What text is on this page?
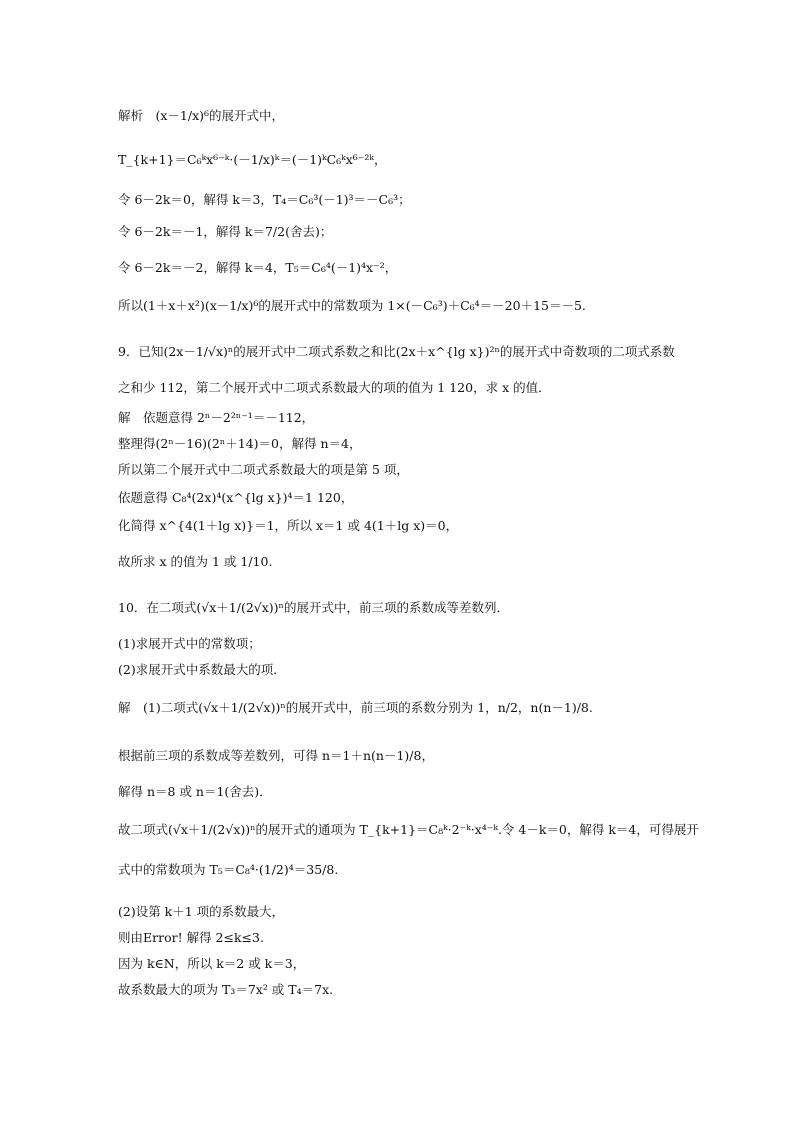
解析　(x－1/x)⁶的展开式中，
T_{k+1}＝C₆ᵏx⁶⁻ᵏ·(－1/x)ᵏ＝(－1)ᵏC₆ᵏx⁶⁻²ᵏ，
令 6－2k＝0，解得 k＝3，T₄＝C₆³(－1)³＝－C₆³；
令 6－2k＝－1，解得 k＝7/2(舍去)；
令 6－2k＝－2，解得 k＝4，T₅＝C₆⁴(－1)⁴x⁻²，
所以(1＋x＋x²)(x－1/x)⁶的展开式中的常数项为 1×(－C₆³)＋C₆⁴＝－20＋15＝－5.
9．已知(2x－1/√x)ⁿ的展开式中二项式系数之和比(2x＋x^{lg x})²ⁿ的展开式中奇数项的二项式系数
之和少 112，第二个展开式中二项式系数最大的项的值为 1 120，求 x 的值．
解　依题意得 2ⁿ－2²ⁿ⁻¹＝－112，
整理得(2ⁿ－16)(2ⁿ＋14)＝0，解得 n＝4，
所以第二个展开式中二项式系数最大的项是第 5 项，
依题意得 C₈⁴(2x)⁴(x^{lg x})⁴＝1 120，
化简得 x^{4(1＋lg x)}＝1，所以 x＝1 或 4(1＋lg x)＝0，
故所求 x 的值为 1 或 1/10.
10．在二项式(√x＋1/(2√x))ⁿ的展开式中，前三项的系数成等差数列．
(1)求展开式中的常数项；
(2)求展开式中系数最大的项．
解　(1)二项式(√x＋1/(2√x))ⁿ的展开式中，前三项的系数分别为 1，n/2，n(n－1)/8.
根据前三项的系数成等差数列，可得 n＝1＋n(n－1)/8，
解得 n＝8 或 n＝1(舍去)．
故二项式(√x＋1/(2√x))ⁿ的展开式的通项为 T_{k+1}＝C₈ᵏ·2⁻ᵏ·x⁴⁻ᵏ.令 4－k＝0，解得 k＝4，可得展开
式中的常数项为 T₅＝C₈⁴·(1/2)⁴＝35/8.
(2)设第 k＋1 项的系数最大，
则由Error! 解得 2≤k≤3.
因为 k∈N，所以 k＝2 或 k＝3，
故系数最大的项为 T₃＝7x² 或 T₄＝7x.
